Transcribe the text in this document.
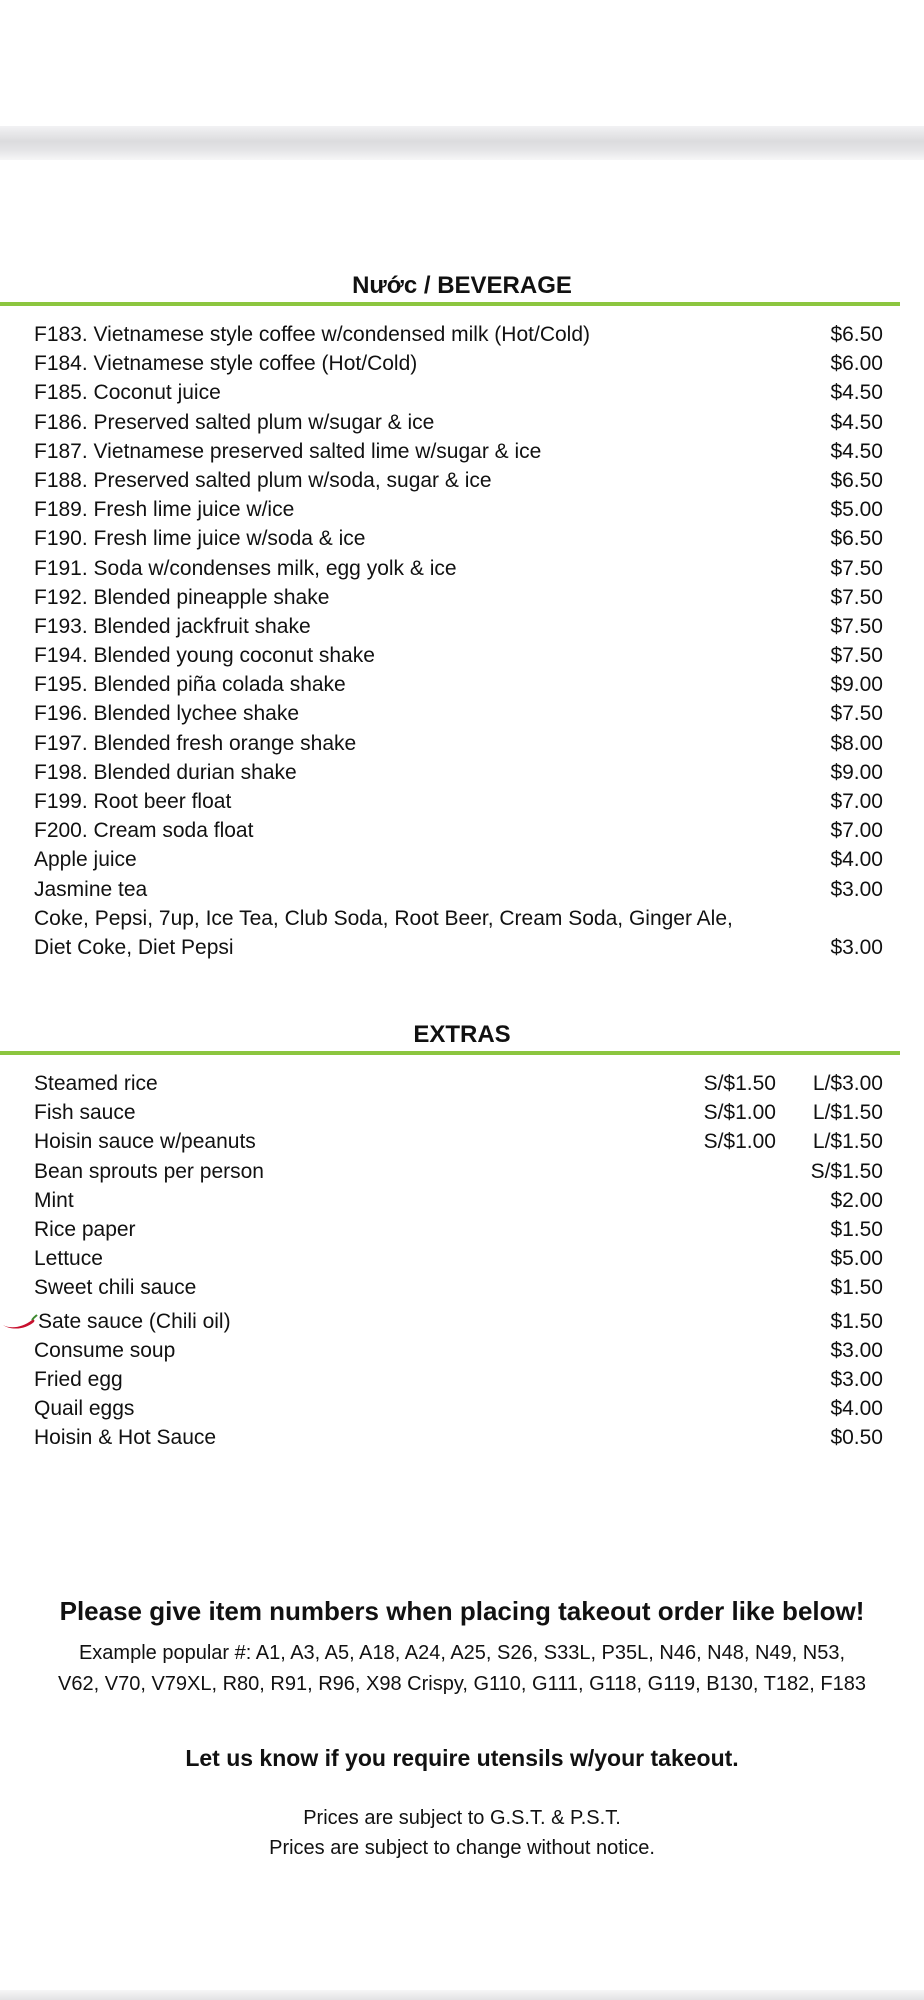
Nước / BEVERAGE
F183. Vietnamese style coffee w/condensed milk (Hot/Cold)	$6.50
F184. Vietnamese style coffee (Hot/Cold)	$6.00
F185. Coconut juice	$4.50
F186. Preserved salted plum w/sugar & ice	$4.50
F187. Vietnamese preserved salted lime w/sugar & ice	$4.50
F188. Preserved salted plum w/soda, sugar & ice	$6.50
F189. Fresh lime juice w/ice	$5.00
F190. Fresh lime juice w/soda & ice	$6.50
F191. Soda w/condenses milk, egg yolk & ice	$7.50
F192. Blended pineapple shake	$7.50
F193. Blended jackfruit shake	$7.50
F194. Blended young coconut shake	$7.50
F195. Blended piña colada shake	$9.00
F196. Blended lychee shake	$7.50
F197. Blended fresh orange shake	$8.00
F198. Blended durian shake	$9.00
F199. Root beer float	$7.00
F200. Cream soda float	$7.00
Apple juice	$4.00
Jasmine tea	$3.00
Coke, Pepsi, 7up, Ice Tea, Club Soda, Root Beer, Cream Soda, Ginger Ale,
Diet Coke, Diet Pepsi	$3.00
EXTRAS
Steamed rice	S/$1.50 L/$3.00
Fish sauce	S/$1.00 L/$1.50
Hoisin sauce w/peanuts	S/$1.00 L/$1.50
Bean sprouts per person	S/$1.50
Mint	$2.00
Rice paper	$1.50
Lettuce	$5.00
Sweet chili sauce	$1.50
Sate sauce (Chili oil)	$1.50
Consume soup	$3.00
Fried egg	$3.00
Quail eggs	$4.00
Hoisin & Hot Sauce	$0.50
Please give item numbers when placing takeout order like below!
Example popular #: A1, A3, A5, A18, A24, A25, S26, S33L, P35L, N46, N48, N49, N53,
V62, V70, V79XL, R80, R91, R96, X98 Crispy, G110, G111, G118, G119, B130, T182, F183
Let us know if you require utensils w/your takeout.
Prices are subject to G.S.T. & P.S.T.
Prices are subject to change without notice.
